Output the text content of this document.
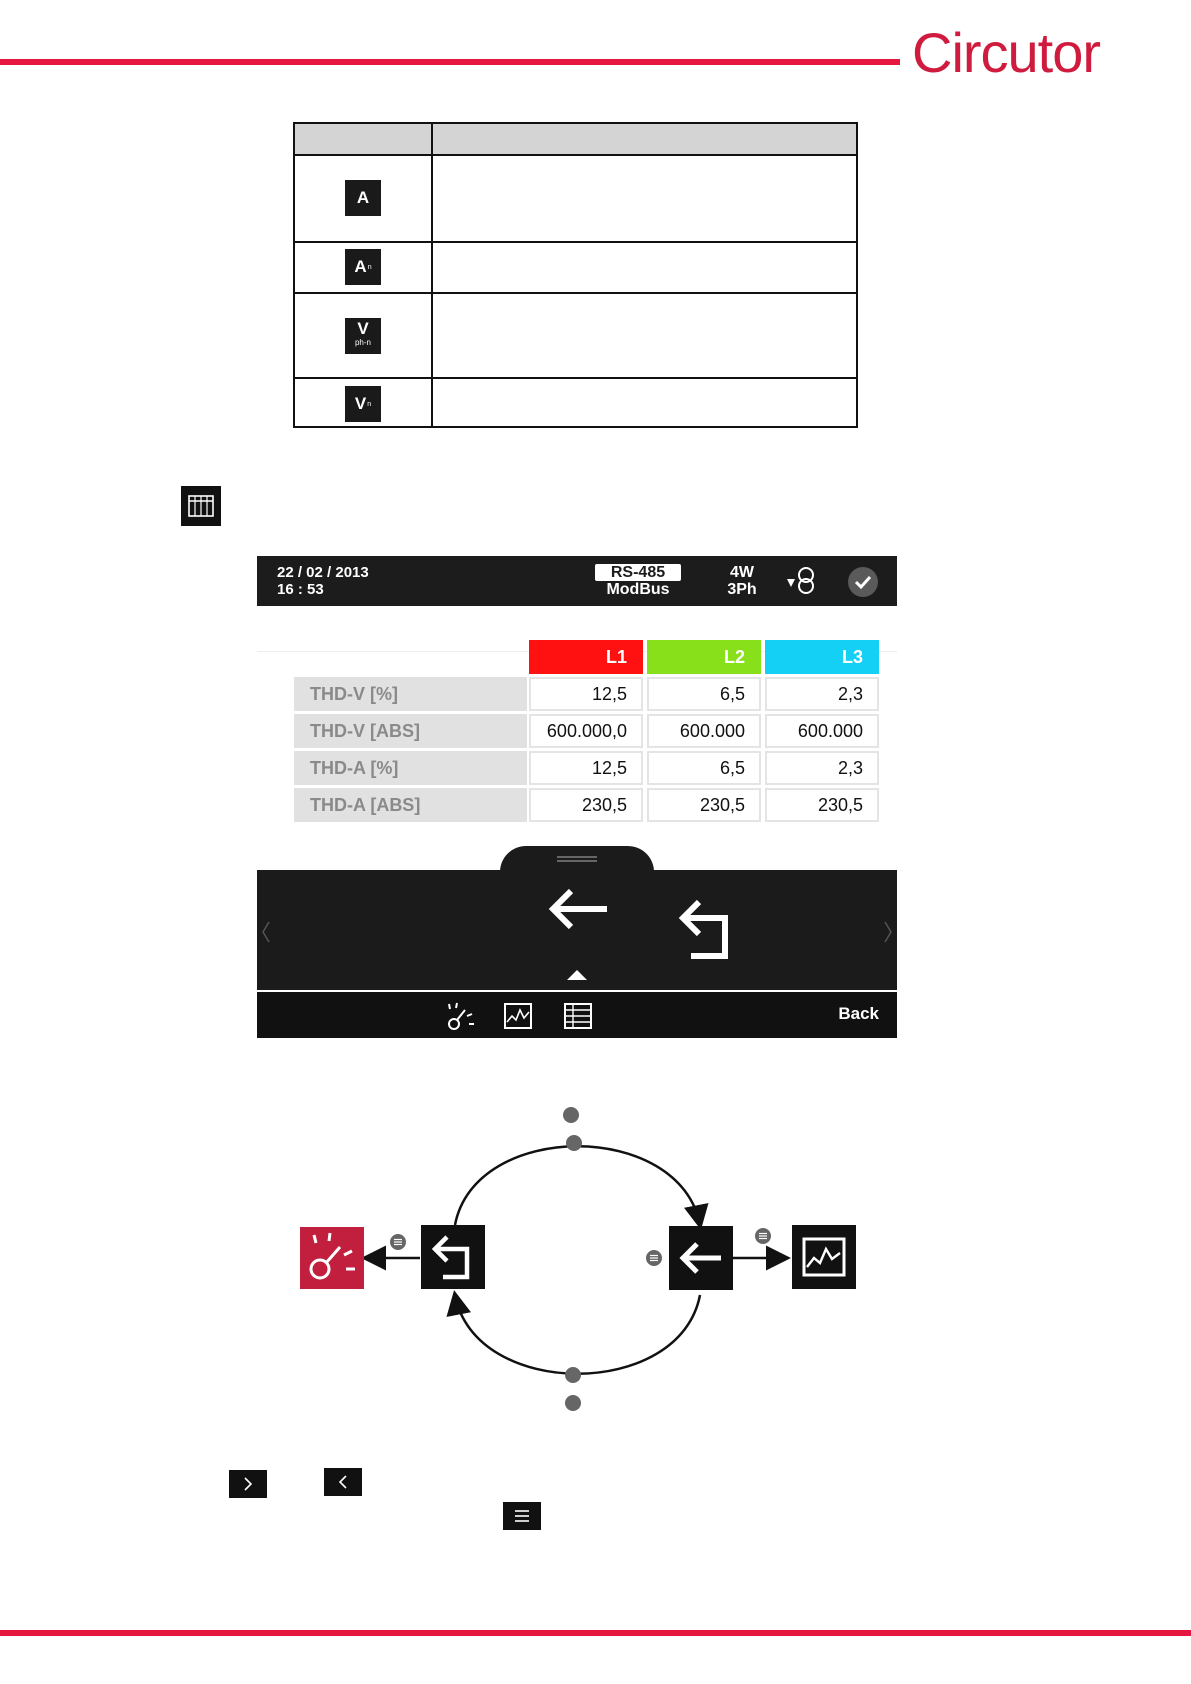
Circutor
A
A n
V
ph-n
V n
22 / 02 / 2013
16 : 53
RS-485
ModBus
4W
3Ph
L1	L2	L3
THD-V [%]	12,5	6,5	2,3
THD-V [ABS]	600.000,0	600.000	600.000
THD-A [%]	12,5	6,5	2,3
THD-A [ABS]	230,5	230,5	230,5
Back
